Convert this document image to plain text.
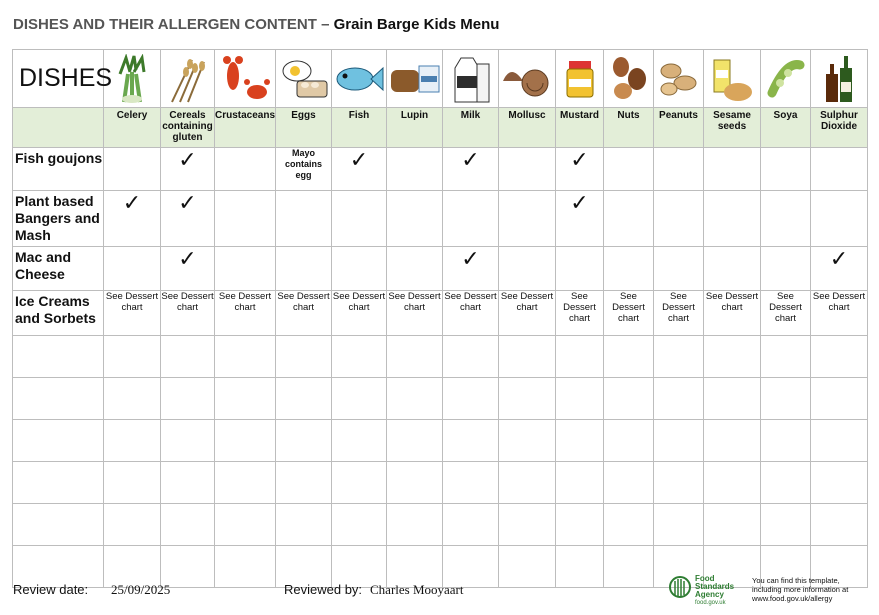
DISHES AND THEIR ALLERGEN CONTENT – Grain Barge Kids Menu
DISHES	

	Celery	Cereals containing gluten	Crustaceans	Eggs	Fish	Lupin	Milk	Mollusc	Mustard	Nuts	Peanuts	Sesame seeds	Soya	Sulphur Dioxide
Fish goujons		✓		Mayo contains egg	✓		✓		✓					

Plant based Bangers and Mash	✓	✓							✓					

Mac and Cheese		✓					✓							✓

Ice Creams and Sorbets	See Dessert chart	See Dessert chart	See Dessert chart	See Dessert chart	See Dessert chart	See Dessert chart	See Dessert chart	See Dessert chart	See Dessert chart	See Dessert chart	See Dessert chart	See Dessert chart	See Dessert chart	See Dessert chart

Review date: 25/09/2025	Reviewed by: Charles Mooyaart
Food
Standards
Agency
food.gov.uk
You can find this template,
including more information at
www.food.gov.uk/allergy
